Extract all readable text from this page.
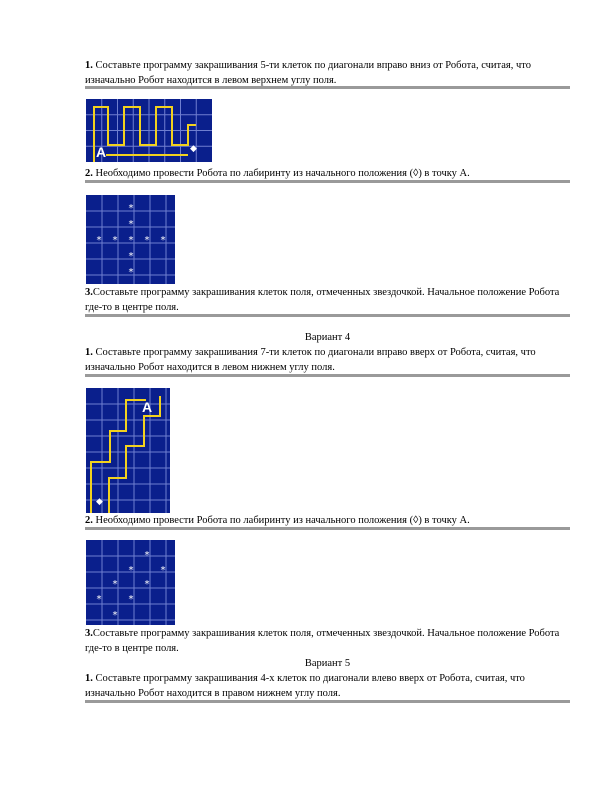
1. Составьте программу закрашивания 5-ти клеток по диагонали вправо вниз от Робота, считая, что изначально Робот находится в левом верхнем углу поля.

A	◆

2. Необходимо провести Робота по лабиринту из начального положения (◊) в точку А.

*
*
* * * * *
*
*

3.Составьте программу закрашивания клеток поля, отмеченных звездочкой. Начальное положение Робота где-то в центре поля.

Вариант 4

1. Составьте программу закрашивания 7-ти клеток по диагонали вправо вверх от Робота, считая, что изначально Робот находится в левом нижнем углу поля.

A
◆

2. Необходимо провести Робота по лабиринту из начального положения (◊) в точку А.

*
*	*
*	*
*	*
*

3.Составьте программу закрашивания клеток поля, отмеченных звездочкой. Начальное положение Робота где-то в центре поля.

Вариант 5

1. Составьте программу закрашивания 4-х клеток по диагонали влево вверх от Робота, считая, что изначально Робот находится в правом нижнем углу поля.
